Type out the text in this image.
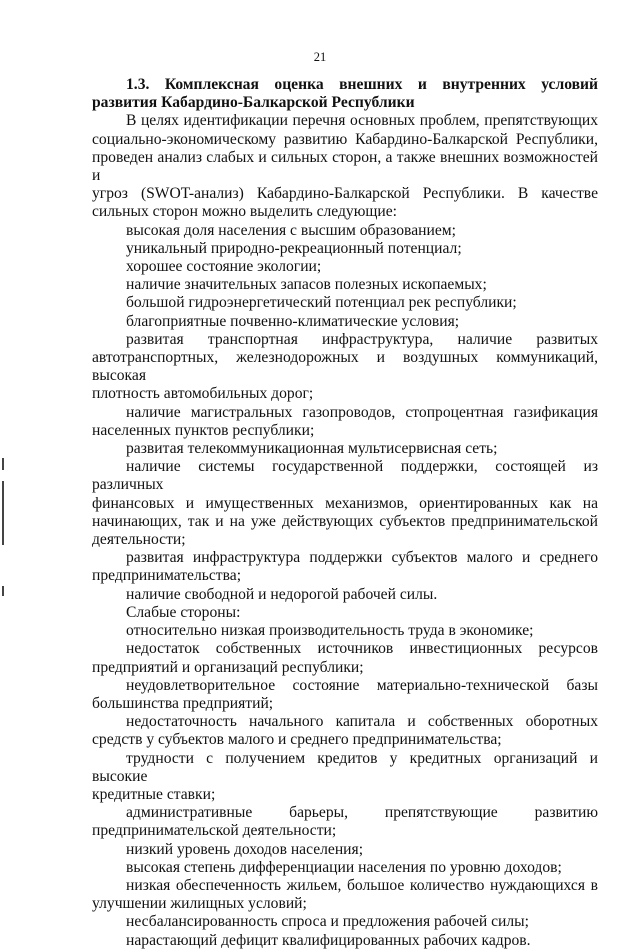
21

1.3. Комплексная оценка внешних и внутренних условий

развития Кабардино-Балкарской Республики

В целях идентификации перечня основных проблем, препятствующих

социально-экономическому развитию Кабардино-Балкарской Республики,

проведен анализ слабых и сильных сторон, а также внешних возможностей и

угроз (SWOT-анализ) Кабардино-Балкарской Республики. В качестве

сильных сторон можно выделить следующие:

высокая доля населения с высшим образованием;

уникальный природно-рекреационный потенциал;

хорошее состояние экологии;

наличие значительных запасов полезных ископаемых;

большой гидроэнергетический потенциал рек республики;

благоприятные почвенно-климатические условия;

развитая транспортная инфраструктура, наличие развитых

автотранспортных, железнодорожных и воздушных коммуникаций, высокая

плотность автомобильных дорог;

наличие магистральных газопроводов, стопроцентная газификация

населенных пунктов республики;

развитая телекоммуникационная мультисервисная сеть;

наличие системы государственной поддержки, состоящей из различных

финансовых и имущественных механизмов, ориентированных как на

начинающих, так и на уже действующих субъектов предпринимательской

деятельности;

развитая инфраструктура поддержки субъектов малого и среднего

предпринимательства;

наличие свободной и недорогой рабочей силы.

Слабые стороны:

относительно низкая производительность труда в экономике;

недостаток собственных источников инвестиционных ресурсов

предприятий и организаций республики;

неудовлетворительное состояние материально-технической базы

большинства предприятий;

недостаточность начального капитала и собственных оборотных

средств у субъектов малого и среднего предпринимательства;

трудности с получением кредитов у кредитных организаций и высокие

кредитные ставки;

административные барьеры, препятствующие развитию

предпринимательской деятельности;

низкий уровень доходов населения;

высокая степень дифференциации населения по уровню доходов;

низкая обеспеченность жильем, большое количество нуждающихся в

улучшении жилищных условий;

несбалансированность спроса и предложения рабочей силы;

нарастающий дефицит квалифицированных рабочих кадров.
